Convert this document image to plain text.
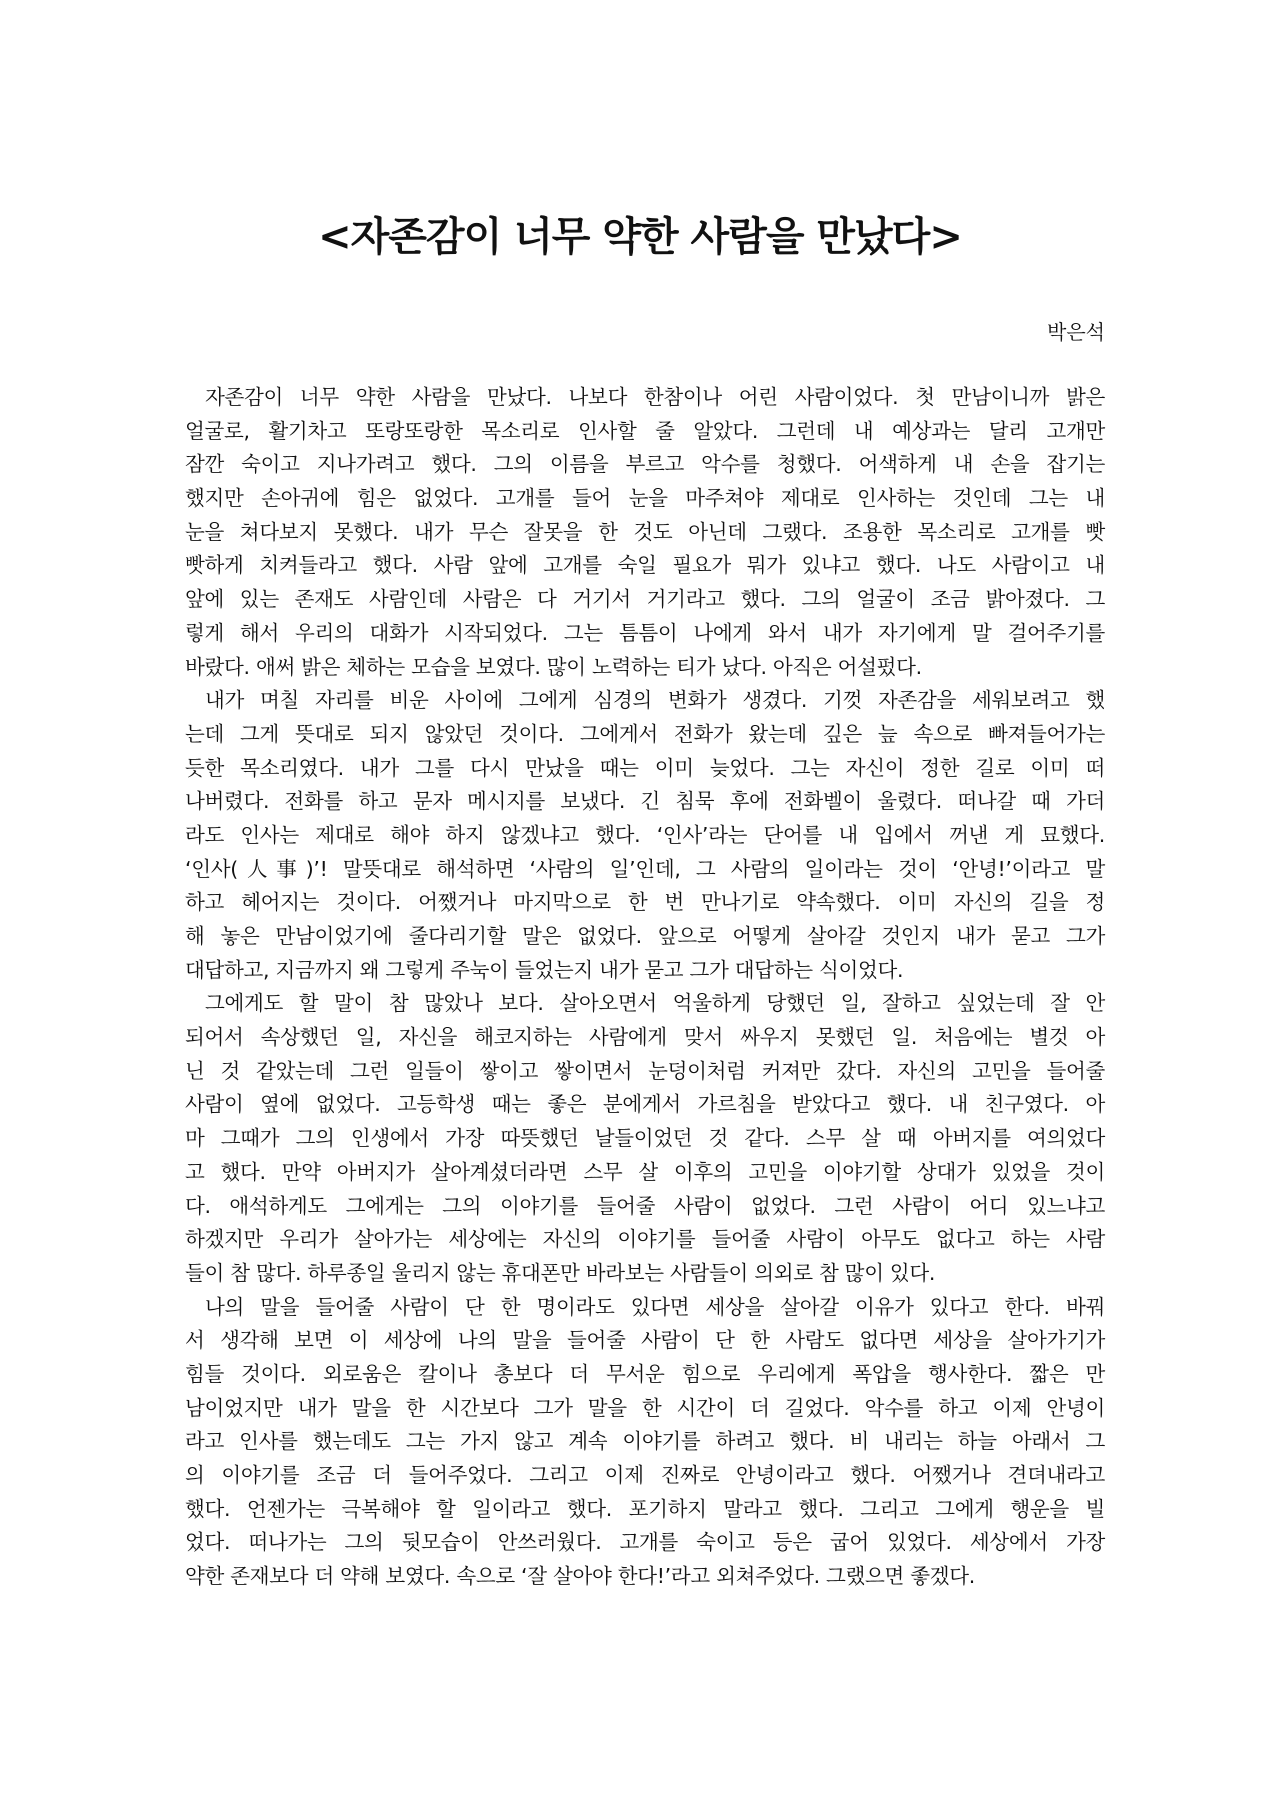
<자존감이 너무 약한 사람을 만났다>
박은석
자존감이 너무 약한 사람을 만났다. 나보다 한참이나 어린 사람이었다. 첫 만남이니까 밝은
얼굴로, 활기차고 또랑또랑한 목소리로 인사할 줄 알았다. 그런데 내 예상과는 달리 고개만
잠깐 숙이고 지나가려고 했다. 그의 이름을 부르고 악수를 청했다. 어색하게 내 손을 잡기는
했지만 손아귀에 힘은 없었다. 고개를 들어 눈을 마주쳐야 제대로 인사하는 것인데 그는 내
눈을 쳐다보지 못했다. 내가 무슨 잘못을 한 것도 아닌데 그랬다. 조용한 목소리로 고개를 빳
빳하게 치켜들라고 했다. 사람 앞에 고개를 숙일 필요가 뭐가 있냐고 했다. 나도 사람이고 내
앞에 있는 존재도 사람인데 사람은 다 거기서 거기라고 했다. 그의 얼굴이 조금 밝아졌다. 그
렇게 해서 우리의 대화가 시작되었다. 그는 틈틈이 나에게 와서 내가 자기에게 말 걸어주기를
바랐다. 애써 밝은 체하는 모습을 보였다. 많이 노력하는 티가 났다. 아직은 어설펐다.
내가 며칠 자리를 비운 사이에 그에게 심경의 변화가 생겼다. 기껏 자존감을 세워보려고 했
는데 그게 뜻대로 되지 않았던 것이다. 그에게서 전화가 왔는데 깊은 늪 속으로 빠져들어가는
듯한 목소리였다. 내가 그를 다시 만났을 때는 이미 늦었다. 그는 자신이 정한 길로 이미 떠
나버렸다. 전화를 하고 문자 메시지를 보냈다. 긴 침묵 후에 전화벨이 울렸다. 떠나갈 때 가더
라도 인사는 제대로 해야 하지 않겠냐고 했다. ‘인사’라는 단어를 내 입에서 꺼낸 게 묘했다.
‘인사(人事)’! 말뜻대로 해석하면 ‘사람의 일’인데, 그 사람의 일이라는 것이 ‘안녕!’이라고 말
하고 헤어지는 것이다. 어쨌거나 마지막으로 한 번 만나기로 약속했다. 이미 자신의 길을 정
해 놓은 만남이었기에 줄다리기할 말은 없었다. 앞으로 어떻게 살아갈 것인지 내가 묻고 그가
대답하고, 지금까지 왜 그렇게 주눅이 들었는지 내가 묻고 그가 대답하는 식이었다.
그에게도 할 말이 참 많았나 보다. 살아오면서 억울하게 당했던 일, 잘하고 싶었는데 잘 안
되어서 속상했던 일, 자신을 해코지하는 사람에게 맞서 싸우지 못했던 일. 처음에는 별것 아
닌 것 같았는데 그런 일들이 쌓이고 쌓이면서 눈덩이처럼 커져만 갔다. 자신의 고민을 들어줄
사람이 옆에 없었다. 고등학생 때는 좋은 분에게서 가르침을 받았다고 했다. 내 친구였다. 아
마 그때가 그의 인생에서 가장 따뜻했던 날들이었던 것 같다. 스무 살 때 아버지를 여의었다
고 했다. 만약 아버지가 살아계셨더라면 스무 살 이후의 고민을 이야기할 상대가 있었을 것이
다. 애석하게도 그에게는 그의 이야기를 들어줄 사람이 없었다. 그런 사람이 어디 있느냐고
하겠지만 우리가 살아가는 세상에는 자신의 이야기를 들어줄 사람이 아무도 없다고 하는 사람
들이 참 많다. 하루종일 울리지 않는 휴대폰만 바라보는 사람들이 의외로 참 많이 있다.
나의 말을 들어줄 사람이 단 한 명이라도 있다면 세상을 살아갈 이유가 있다고 한다. 바꿔
서 생각해 보면 이 세상에 나의 말을 들어줄 사람이 단 한 사람도 없다면 세상을 살아가기가
힘들 것이다. 외로움은 칼이나 총보다 더 무서운 힘으로 우리에게 폭압을 행사한다. 짧은 만
남이었지만 내가 말을 한 시간보다 그가 말을 한 시간이 더 길었다. 악수를 하고 이제 안녕이
라고 인사를 했는데도 그는 가지 않고 계속 이야기를 하려고 했다. 비 내리는 하늘 아래서 그
의 이야기를 조금 더 들어주었다. 그리고 이제 진짜로 안녕이라고 했다. 어쨌거나 견뎌내라고
했다. 언젠가는 극복해야 할 일이라고 했다. 포기하지 말라고 했다. 그리고 그에게 행운을 빌
었다. 떠나가는 그의 뒷모습이 안쓰러웠다. 고개를 숙이고 등은 굽어 있었다. 세상에서 가장
약한 존재보다 더 약해 보였다. 속으로 ‘잘 살아야 한다!’라고 외쳐주었다. 그랬으면 좋겠다.
